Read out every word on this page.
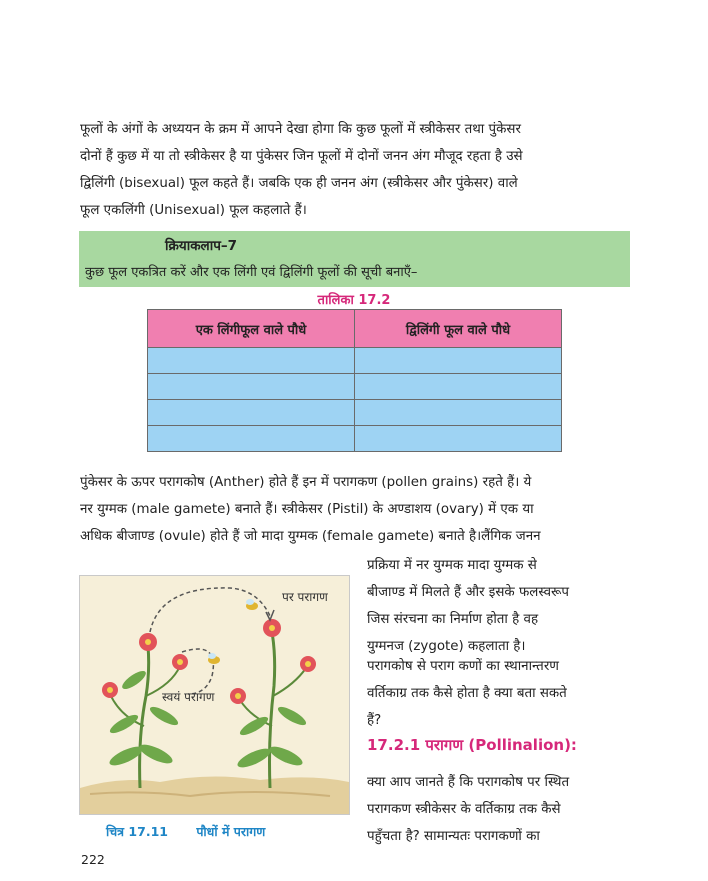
फूलों के अंगों के अध्ययन के क्रम में आपने देखा होगा कि कुछ फूलों में स्त्रीकेसर तथा पुंकेसर
दोनों हैं कुछ में या तो स्त्रीकेसर है या पुंकेसर जिन फूलों में दोनों जनन अंग मौजूद रहता है उसे
द्विलिंगी (bisexual) फूल कहते हैं। जबकि एक ही जनन अंग (स्त्रीकेसर और पुंकेसर) वाले
फूल एकलिंगी (Unisexual) फूल कहलाते हैं।
क्रियाकलाप–7
कुछ फूल एकत्रित करें और एक लिंगी एवं द्विलिंगी फूलों की सूची बनाएँ–
तालिका 17.2
एक लिंगीफूल वाले पौधे	द्विलिंगी फूल वाले पौधे

पुंकेसर के ऊपर परागकोष (Anther) होते हैं इन में परागकण (pollen grains) रहते हैं। ये
नर युग्मक (male gamete) बनाते हैं। स्त्रीकेसर (Pistil) के अण्डाशय (ovary) में एक या
अधिक बीजाण्ड (ovule) होते हैं जो मादा युग्मक (female gamete) बनाते है।लैंगिक जनन
प्रक्रिया में नर युग्मक मादा युग्मक से
बीजाण्ड में मिलते हैं और इसके फलस्वरूप
जिस संरचना का निर्माण होता है वह
युग्मनज (zygote) कहलाता है।
परागकोष से पराग कणों का स्थानान्तरण
वर्तिकाग्र तक कैसे होता है क्या बता सकते
हैं?
17.2.1 परागण (Pollinalion):
क्या आप जानते हैं कि परागकोष पर स्थित
परागकण स्त्रीकेसर के वर्तिकाग्र तक कैसे
पहुँचता है? सामान्यतः परागकणों का
पर परागण
स्वयं परागण
चित्र 17.11 पौधों में परागण
222
